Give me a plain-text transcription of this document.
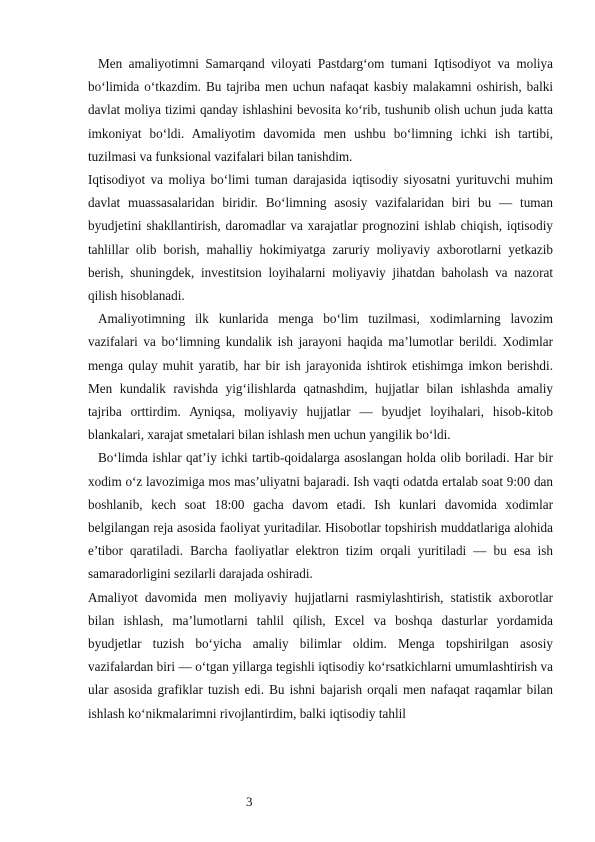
Men amaliyotimni Samarqand viloyati Pastdarg‘om tumani Iqtisodiyot va moliya bo‘limida o‘tkazdim. Bu tajriba men uchun nafaqat kasbiy malakamni oshirish, balki davlat moliya tizimi qanday ishlashini bevosita ko‘rib, tushunib olish uchun juda katta imkoniyat bo‘ldi. Amaliyotim davomida men ushbu bo‘limning ichki ish tartibi, tuzilmasi va funksional vazifalari bilan tanishdim.

Iqtisodiyot va moliya bo‘limi tuman darajasida iqtisodiy siyosatni yurituvchi muhim davlat muassasalaridan biridir. Bo‘limning asosiy vazifalaridan biri bu — tuman byudjetini shakllantirish, daromadlar va xarajatlar prognozini ishlab chiqish, iqtisodiy tahlillar olib borish, mahalliy hokimiyatga zaruriy moliyaviy axborotlarni yetkazib berish, shuningdek, investitsion loyihalarni moliyaviy jihatdan baholash va nazorat qilish hisoblanadi.

Amaliyotimning ilk kunlarida menga bo‘lim tuzilmasi, xodimlarning lavozim vazifalari va bo‘limning kundalik ish jarayoni haqida ma’lumotlar berildi. Xodimlar menga qulay muhit yaratib, har bir ish jarayonida ishtirok etishimga imkon berishdi. Men kundalik ravishda yig‘ilishlarda qatnashdim, hujjatlar bilan ishlashda amaliy tajriba orttirdim. Ayniqsa, moliyaviy hujjatlar — byudjet loyihalari, hisob-kitob blankalari, xarajat smetalari bilan ishlash men uchun yangilik bo‘ldi.

Bo‘limda ishlar qat’iy ichki tartib-qoidalarga asoslangan holda olib boriladi. Har bir xodim o‘z lavozimiga mos mas’uliyatni bajaradi. Ish vaqti odatda ertalab soat 9:00 dan boshlanib, kech soat 18:00 gacha davom etadi. Ish kunlari davomida xodimlar belgilangan reja asosida faoliyat yuritadilar. Hisobotlar topshirish muddatlariga alohida e’tibor qaratiladi. Barcha faoliyatlar elektron tizim orqali yuritiladi — bu esa ish samaradorligini sezilarli darajada oshiradi.

Amaliyot davomida men moliyaviy hujjatlarni rasmiylashtirish, statistik axborotlar bilan ishlash, ma’lumotlarni tahlil qilish, Excel va boshqa dasturlar yordamida byudjetlar tuzish bo‘yicha amaliy bilimlar oldim. Menga topshirilgan asosiy vazifalardan biri — o‘tgan yillarga tegishli iqtisodiy ko‘rsatkichlarni umumlashtirish va ular asosida grafiklar tuzish edi. Bu ishni bajarish orqali men nafaqat raqamlar bilan ishlash ko‘nikmalarimni rivojlantirdim, balki iqtisodiy tahlil

3
